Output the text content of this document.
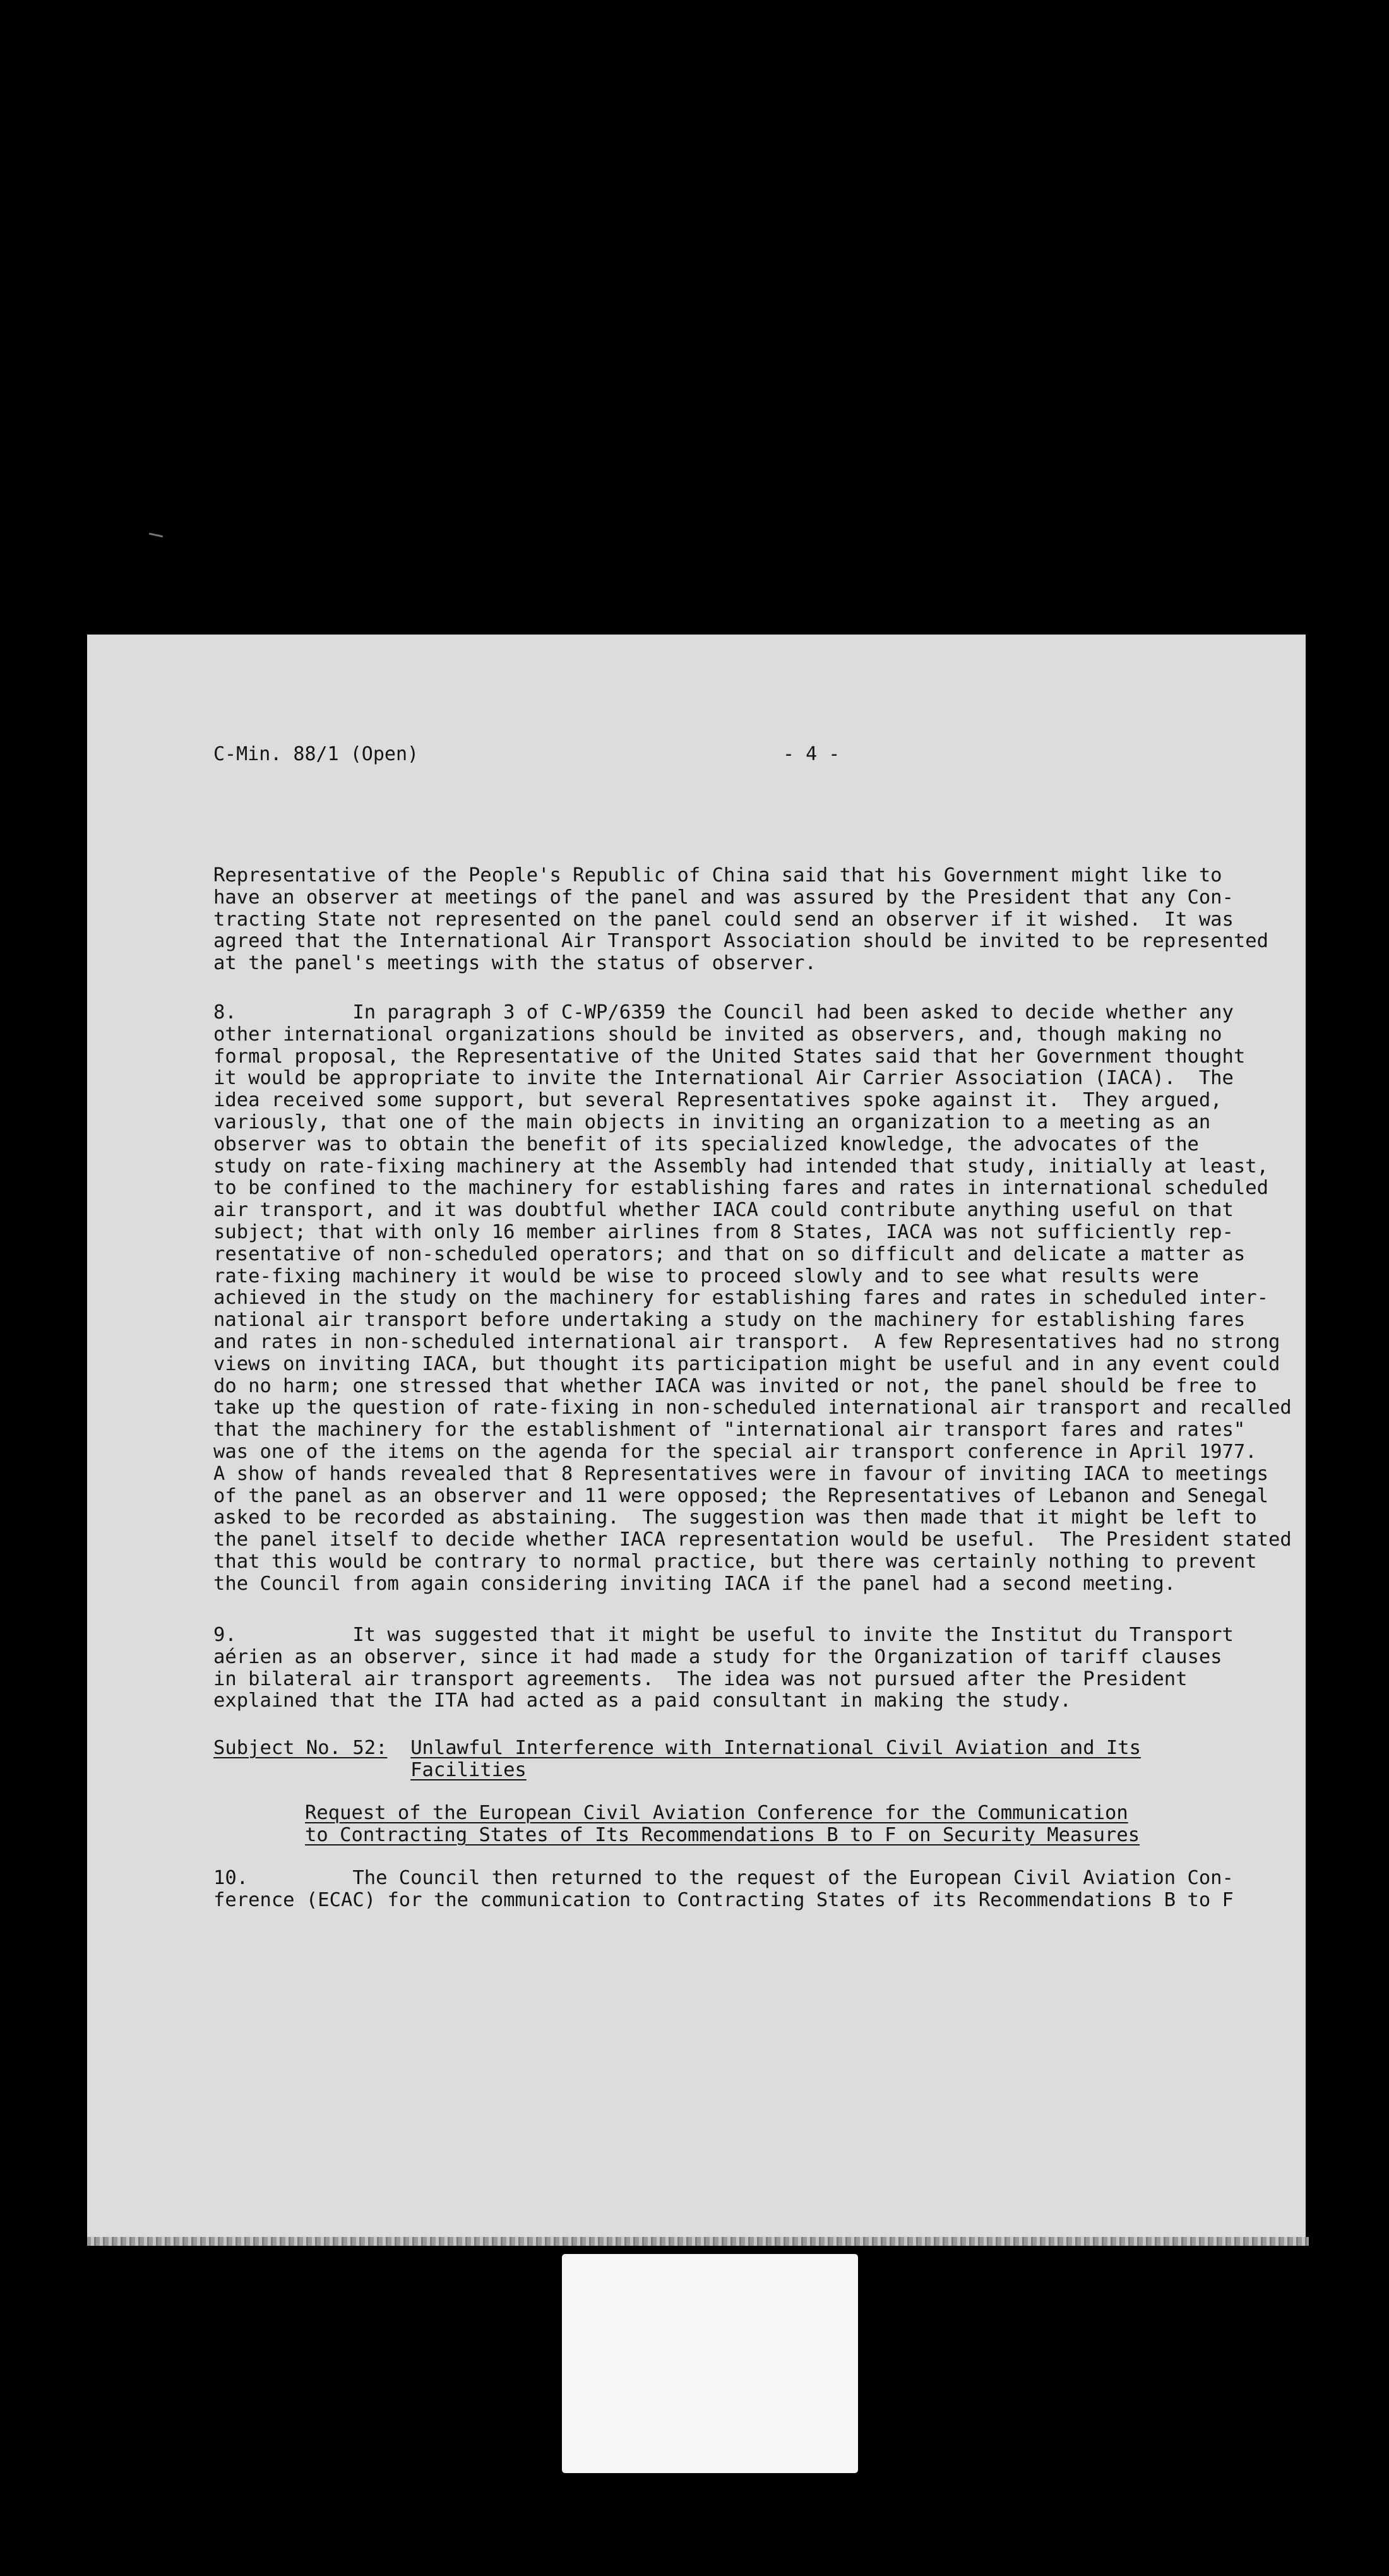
C-Min. 88/1 (Open)	- 4 -
Representative of the People's Republic of China said that his Government might like to
have an observer at meetings of the panel and was assured by the President that any Con-
tracting State not represented on the panel could send an observer if it wished.  It was
agreed that the International Air Transport Association should be invited to be represented
at the panel's meetings with the status of observer.
8.          In paragraph 3 of C-WP/6359 the Council had been asked to decide whether any
other international organizations should be invited as observers, and, though making no
formal proposal, the Representative of the United States said that her Government thought
it would be appropriate to invite the International Air Carrier Association (IACA).  The
idea received some support, but several Representatives spoke against it.  They argued,
variously, that one of the main objects in inviting an organization to a meeting as an
observer was to obtain the benefit of its specialized knowledge, the advocates of the
study on rate-fixing machinery at the Assembly had intended that study, initially at least,
to be confined to the machinery for establishing fares and rates in international scheduled
air transport, and it was doubtful whether IACA could contribute anything useful on that
subject; that with only 16 member airlines from 8 States, IACA was not sufficiently rep-
resentative of non-scheduled operators; and that on so difficult and delicate a matter as
rate-fixing machinery it would be wise to proceed slowly and to see what results were
achieved in the study on the machinery for establishing fares and rates in scheduled inter-
national air transport before undertaking a study on the machinery for establishing fares
and rates in non-scheduled international air transport.  A few Representatives had no strong
views on inviting IACA, but thought its participation might be useful and in any event could
do no harm; one stressed that whether IACA was invited or not, the panel should be free to
take up the question of rate-fixing in non-scheduled international air transport and recalled
that the machinery for the establishment of "international air transport fares and rates"
was one of the items on the agenda for the special air transport conference in April 1977.
A show of hands revealed that 8 Representatives were in favour of inviting IACA to meetings
of the panel as an observer and 11 were opposed; the Representatives of Lebanon and Senegal
asked to be recorded as abstaining.  The suggestion was then made that it might be left to
the panel itself to decide whether IACA representation would be useful.  The President stated
that this would be contrary to normal practice, but there was certainly nothing to prevent
the Council from again considering inviting IACA if the panel had a second meeting.
9.          It was suggested that it might be useful to invite the Institut du Transport
aérien as an observer, since it had made a study for the Organization of tariff clauses
in bilateral air transport agreements.  The idea was not pursued after the President
explained that the ITA had acted as a paid consultant in making the study.
Subject No. 52: Unlawful Interference with International Civil Aviation and Its
Facilities
Request of the European Civil Aviation Conference for the Communication
to Contracting States of Its Recommendations B to F on Security Measures
10.         The Council then returned to the request of the European Civil Aviation Con-
ference (ECAC) for the communication to Contracting States of its Recommendations B to F
